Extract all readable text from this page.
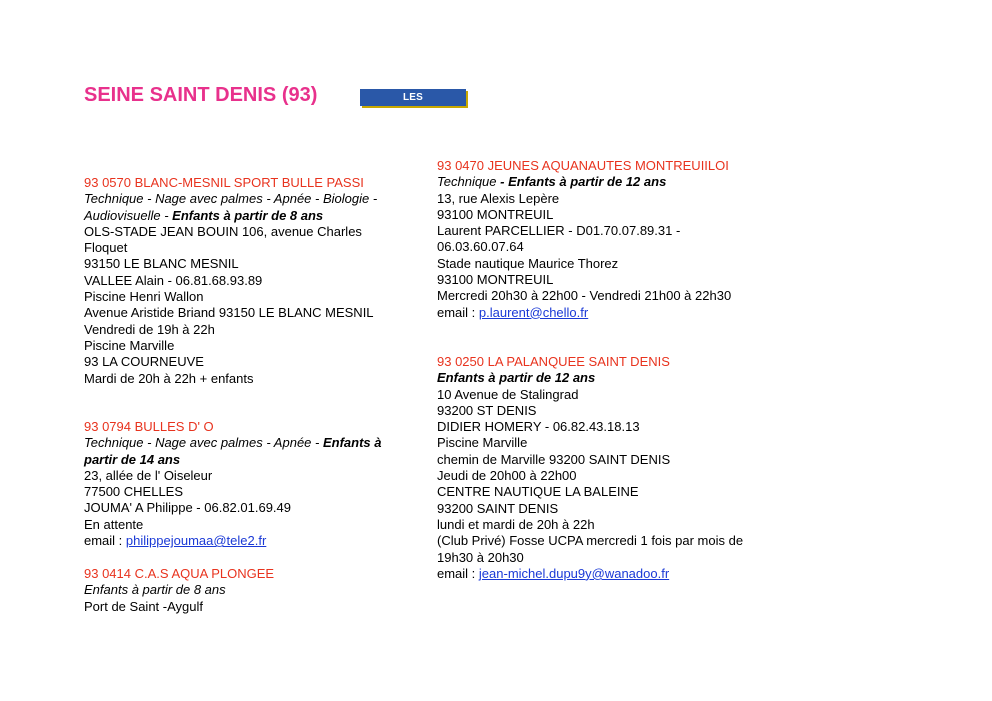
SEINE SAINT DENIS (93)	LES DEPARTEMENTS
93 0570 BLANC-MESNIL SPORT BULLE PASSI
Technique - Nage avec palmes - Apnée - Biologie -
Audiovisuelle - Enfants à partir de 8 ans
OLS-STADE JEAN BOUIN 106, avenue Charles
Floquet
93150 LE BLANC MESNIL
VALLEE Alain - 06.81.68.93.89
Piscine Henri Wallon
Avenue Aristide Briand 93150 LE BLANC MESNIL
Vendredi de 19h à 22h
Piscine Marville
93 LA COURNEUVE
Mardi de 20h à 22h + enfants
93 0794 BULLES D' O
Technique - Nage avec palmes - Apnée - Enfants à
partir de 14 ans
23, allée de l' Oiseleur
77500 CHELLES
JOUMA' A Philippe - 06.82.01.69.49
En attente
email : philippejoumaa@tele2.fr
93 0414 C.A.S AQUA PLONGEE
Enfants à partir de 8 ans
Port de Saint -Aygulf
93 0470 JEUNES AQUANAUTES MONTREUIILOI
Technique - Enfants à partir de 12 ans
13, rue Alexis Lepère
93100 MONTREUIL
Laurent PARCELLIER - D01.70.07.89.31 -
06.03.60.07.64
Stade nautique Maurice Thorez
93100 MONTREUIL
Mercredi 20h30 à 22h00 - Vendredi 21h00 à 22h30
email : p.laurent@chello.fr
93 0250 LA PALANQUEE SAINT DENIS
Enfants à partir de 12 ans
10 Avenue de Stalingrad
93200 ST DENIS
DIDIER HOMERY - 06.82.43.18.13
Piscine Marville
chemin de Marville 93200 SAINT DENIS
Jeudi de 20h00 à 22h00
CENTRE NAUTIQUE LA BALEINE
93200 SAINT DENIS
lundi et mardi de 20h à 22h
(Club Privé) Fosse UCPA mercredi 1 fois par mois de
19h30 à 20h30
email : jean-michel.dupu9y@wanadoo.fr
